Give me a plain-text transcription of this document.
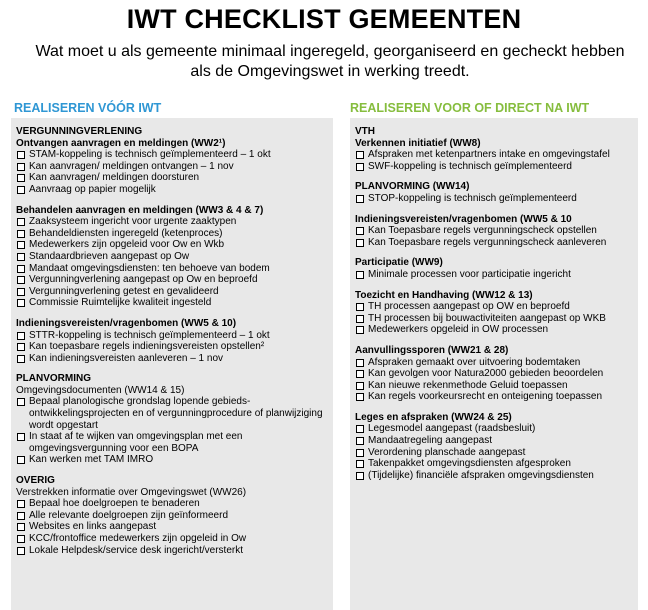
IWT CHECKLIST GEMEENTEN
Wat moet u als gemeente minimaal ingeregeld, georganiseerd en gecheckt hebben als de Omgevingswet in werking treedt.
REALISEREN VÓÓR IWT	REALISEREN VOOR OF DIRECT NA IWT
VERGUNNINGVERLENING
Ontvangen aanvragen en meldingen (WW2¹)
STAM-koppeling is technisch geïmplementeerd – 1 okt
Kan aanvragen/ meldingen ontvangen – 1 nov
Kan aanvragen/ meldingen doorsturen
Aanvraag op papier mogelijk
Behandelen aanvragen en meldingen (WW3 & 4 & 7)
Zaaksysteem ingericht voor urgente zaaktypen
Behandeldiensten ingeregeld (ketenproces)
Medewerkers zijn opgeleid voor Ow en Wkb
Standaardbrieven aangepast op Ow
Mandaat omgevingsdiensten: ten behoeve van bodem
Vergunningverlening aangepast op Ow en beproefd
Vergunningverlening getest en gevalideerd
Commissie Ruimtelijke kwaliteit ingesteld
Indieningsvereisten/vragenbomen (WW5 & 10)
STTR-koppeling is technisch geïmplementeerd – 1 okt
Kan toepasbare regels indieningsvereisten opstellen²
Kan indieningsvereisten aanleveren – 1 nov
PLANVORMING
Omgevingsdocumenten (WW14 & 15)
Bepaal planologische grondslag lopende gebieds-ontwikkelingsprojecten en of vergunningprocedure of planwijziging wordt opgestart
In staat af te wijken van omgevingsplan met een omgevingsvergunning voor een BOPA
Kan werken met TAM IMRO
OVERIG
Verstrekken informatie over Omgevingswet (WW26)
Bepaal hoe doelgroepen te benaderen
Alle relevante doelgroepen zijn geïnformeerd
Websites en links aangepast
KCC/frontoffice medewerkers zijn opgeleid in Ow
Lokale Helpdesk/service desk ingericht/versterkt
VTH
Verkennen initiatief (WW8)
Afspraken met ketenpartners intake en omgevingstafel
SWF-koppeling is technisch geïmplementeerd
PLANVORMING (WW14)
STOP-koppeling is technisch geïmplementeerd
Indieningsvereisten/vragenbomen (WW5 & 10
Kan Toepasbare regels vergunningscheck opstellen
Kan Toepasbare regels vergunningscheck aanleveren
Participatie (WW9)
Minimale processen voor participatie ingericht
Toezicht en Handhaving (WW12 & 13)
TH processen aangepast op OW en beproefd
TH processen bij bouwactiviteiten aangepast op WKB
Medewerkers opgeleid in OW processen
Aanvullingssporen (WW21 & 28)
Afspraken gemaakt over uitvoering bodemtaken
Kan gevolgen voor Natura2000 gebieden beoordelen
Kan nieuwe rekenmethode Geluid toepassen
Kan regels voorkeursrecht en onteigening toepassen
Leges en afspraken (WW24 & 25)
Legesmodel aangepast (raadsbesluit)
Mandaatregeling aangepast
Verordening planschade aangepast
Takenpakket omgevingsdiensten afgesproken
(Tijdelijke) financiële afspraken omgevingsdiensten
